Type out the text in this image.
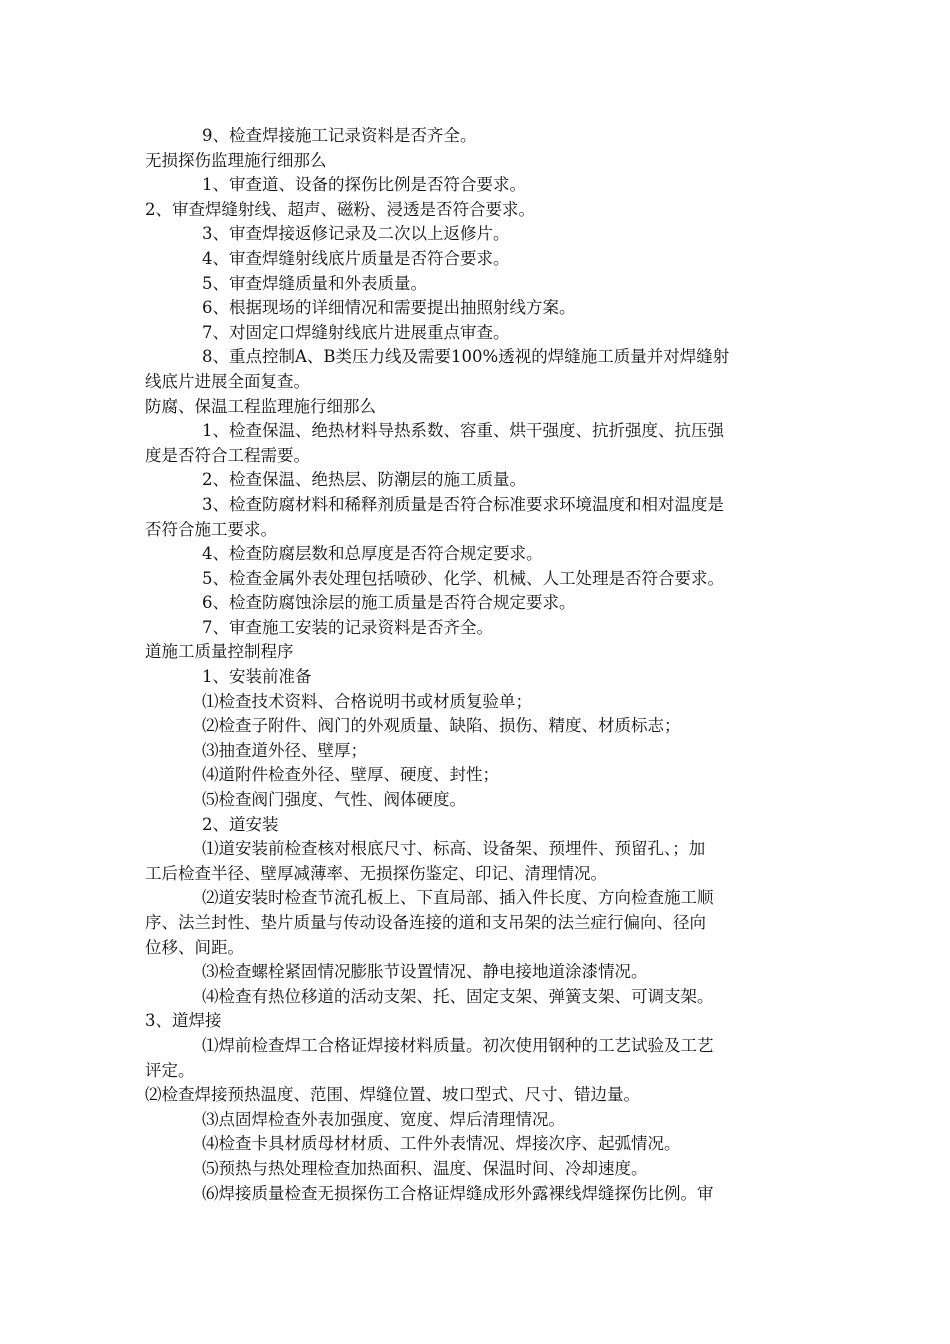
9、检查焊接施工记录资料是否齐全。
无损探伤监理施行细那么
1、审查道、设备的探伤比例是否符合要求。
2、审查焊缝射线、超声、磁粉、浸透是否符合要求。
3、审查焊接返修记录及二次以上返修片。
4、审查焊缝射线底片质量是否符合要求。
5、审查焊缝质量和外表质量。
6、根据现场的详细情况和需要提出抽照射线方案。
7、对固定口焊缝射线底片进展重点审查。
8、重点控制A、B类压力线及需要100%透视的焊缝施工质量并对焊缝射
线底片进展全面复查。
防腐、保温工程监理施行细那么
1、检查保温、绝热材料导热系数、容重、烘干强度、抗折强度、抗压强
度是否符合工程需要。
2、检查保温、绝热层、防潮层的施工质量。
3、检查防腐材料和稀释剂质量是否符合标准要求环境温度和相对温度是
否符合施工要求。
4、检查防腐层数和总厚度是否符合规定要求。
5、检查金属外表处理包括喷砂、化学、机械、人工处理是否符合要求。
6、检查防腐蚀涂层的施工质量是否符合规定要求。
7、审查施工安装的记录资料是否齐全。
道施工质量控制程序
1、安装前准备
⑴检查技术资料、合格说明书或材质复验单；
⑵检查子附件、阀门的外观质量、缺陷、损伤、精度、材质标志；
⑶抽查道外径、壁厚；
⑷道附件检查外径、壁厚、硬度、封性；
⑸检查阀门强度、气性、阀体硬度。
2、道安装
⑴道安装前检查核对根底尺寸、标高、设备架、预埋件、预留孔、；加
工后检查半径、壁厚减薄率、无损探伤鉴定、印记、清理情况。
⑵道安装时检查节流孔板上、下直局部、插入件长度、方向检查施工顺
序、法兰封性、垫片质量与传动设备连接的道和支吊架的法兰症行偏向、径向
位移、间距。
⑶检查螺栓紧固情况膨胀节设置情况、静电接地道涂漆情况。
⑷检查有热位移道的活动支架、托、固定支架、弹簧支架、可调支架。
3、道焊接
⑴焊前检查焊工合格证焊接材料质量。初次使用钢种的工艺试验及工艺
评定。
⑵检查焊接预热温度、范围、焊缝位置、坡口型式、尺寸、错边量。
⑶点固焊检查外表加强度、宽度、焊后清理情况。
⑷检查卡具材质母材材质、工件外表情况、焊接次序、起弧情况。
⑸预热与热处理检查加热面积、温度、保温时间、冷却速度。
⑹焊接质量检查无损探伤工合格证焊缝成形外露裸线焊缝探伤比例。审
